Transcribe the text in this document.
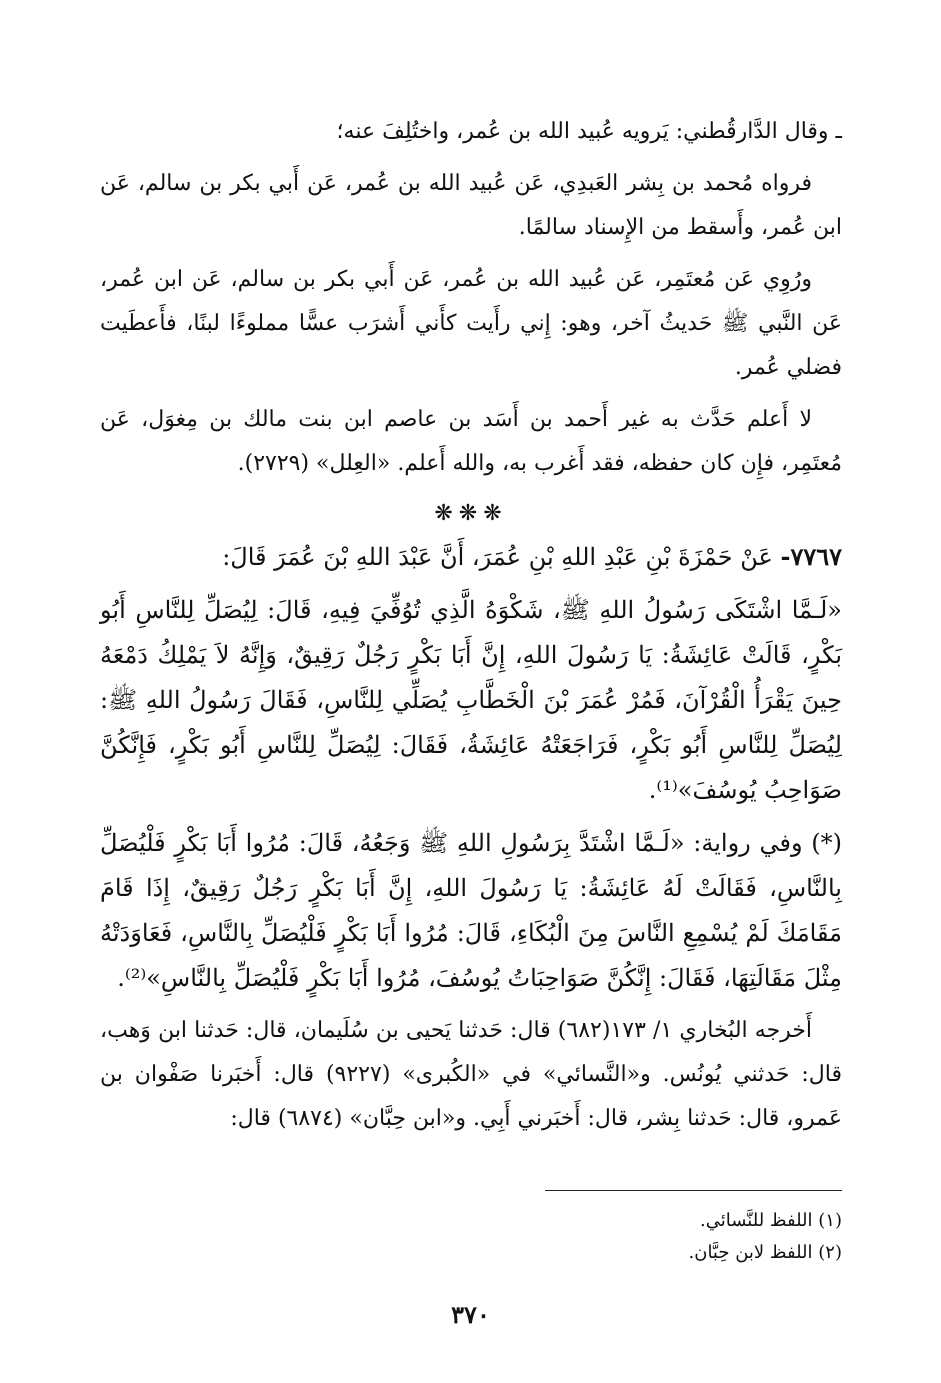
ـ وقال الدَّارقُطني: يَرويه عُبيد الله بن عُمر، واختُلِفَ عنه؛

فرواه مُحمد بن بِشر العَبدِي، عَن عُبيد الله بن عُمر، عَن أَبي بكر بن سالم، عَن ابن عُمر، وأَسقط من الإِسناد سالمًا.

ورُوِي عَن مُعتَمِر، عَن عُبيد الله بن عُمر، عَن أَبي بكر بن سالم، عَن ابن عُمر، عَن النَّبي ﷺ حَديثُ آخر، وهو: إِني رأَيت كأَني أَشرَب عسًّا مملوءًا لبنًا، فأَعطَيت فضلي عُمر.

لا أَعلم حَدَّث به غير أَحمد بن أَسَد بن عاصم ابن بنت مالك بن مِغوَل، عَن مُعتَمِر، فإِن كان حفظه، فقد أَغرب به، والله أَعلم. «العِلل» (٢٧٢٩).

❋❋❋

٧٧٦٧- عَنْ حَمْزَةَ بْنِ عَبْدِ اللهِ بْنِ عُمَرَ، أَنَّ عَبْدَ اللهِ بْنَ عُمَرَ قَالَ:

«لَـمَّا اشْتَكَى رَسُولُ اللهِ ﷺ، شَكْوَهُ الَّذِي تُوُفِّيَ فِيهِ، قَالَ: لِيُصَلِّ لِلنَّاسِ أَبُو بَكْرٍ، قَالَتْ عَائِشَةُ: يَا رَسُولَ اللهِ، إِنَّ أَبَا بَكْرٍ رَجُلٌ رَقِيقٌ، وَإِنَّهُ لاَ يَمْلِكُ دَمْعَهُ حِينَ يَقْرَأُ الْقُرْآنَ، فَمُرْ عُمَرَ بْنَ الْخَطَّابِ يُصَلِّي لِلنَّاسِ، فَقَالَ رَسُولُ اللهِ ﷺ: لِيُصَلِّ لِلنَّاسِ أَبُو بَكْرٍ، فَرَاجَعَتْهُ عَائِشَةُ، فَقَالَ: لِيُصَلِّ لِلنَّاسِ أَبُو بَكْرٍ، فَإِنَّكُنَّ صَوَاحِبُ يُوسُفَ»⁽¹⁾.

(*) وفي رواية: «لَـمَّا اشْتَدَّ بِرَسُولِ اللهِ ﷺ وَجَعُهُ، قَالَ: مُرُوا أَبَا بَكْرٍ فَلْيُصَلِّ بِالنَّاسِ، فَقَالَتْ لَهُ عَائِشَةُ: يَا رَسُولَ اللهِ، إِنَّ أَبَا بَكْرٍ رَجُلٌ رَقِيقٌ، إِذَا قَامَ مَقَامَكَ لَمْ يُسْمِعِ النَّاسَ مِنَ الْبُكَاءِ، قَالَ: مُرُوا أَبَا بَكْرٍ فَلْيُصَلِّ بِالنَّاسِ، فَعَاوَدَتْهُ مِثْلَ مَقَالَتِهَا، فَقَالَ: إِنَّكُنَّ صَوَاحِبَاتُ يُوسُفَ، مُرُوا أَبَا بَكْرٍ فَلْيُصَلِّ بِالنَّاسِ»⁽²⁾.

أَخرجه البُخاري ١/ ١٧٣(٦٨٢) قال: حَدثنا يَحيى بن سُلَيمان، قال: حَدثنا ابن وَهب، قال: حَدثني يُونُس. و«النَّسائي» في «الكُبرى» (٩٢٢٧) قال: أَخبَرنا صَفْوان بن عَمرو، قال: حَدثنا بِشر، قال: أَخبَرني أَبِي. و«ابن حِبَّان» (٦٨٧٤) قال:

(١) اللفظ للنَّسائي.

(٢) اللفظ لابن حِبَّان.

٣٧٠
